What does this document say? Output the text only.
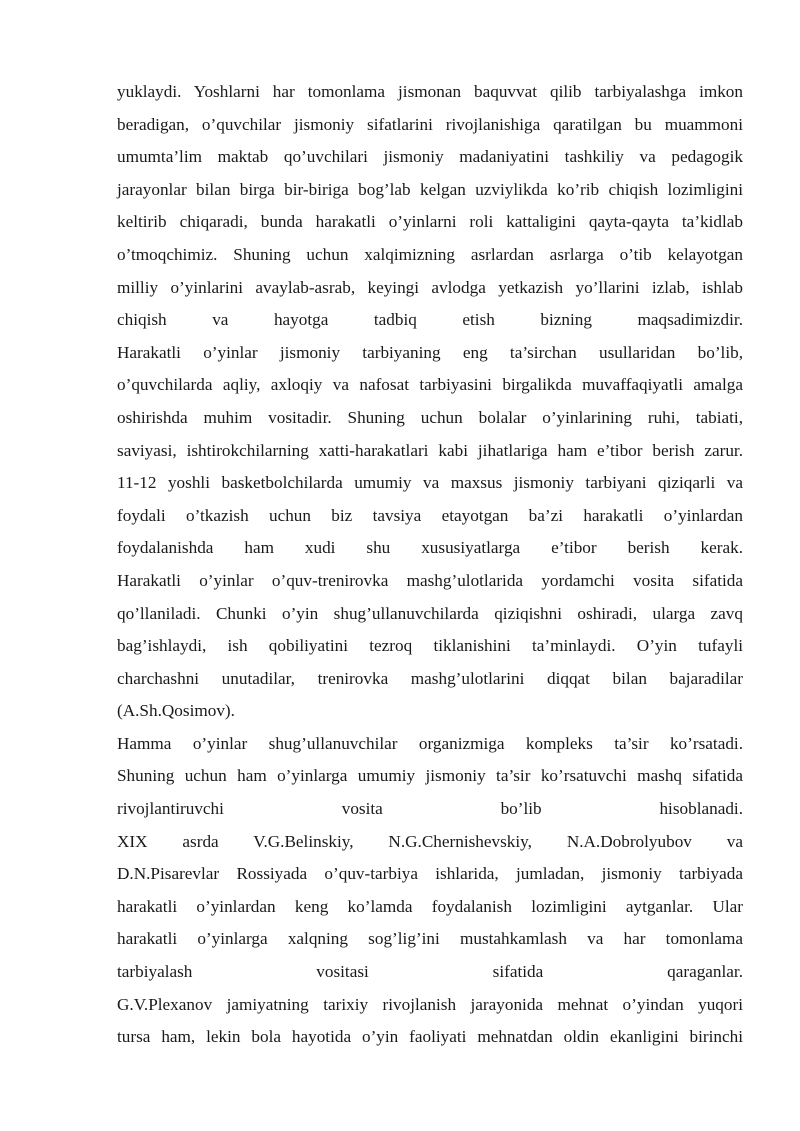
yuklaydi. Yoshlarni har tomonlama jismonan baquvvat qilib tarbiyalashga imkon
beradigan, o’quvchilar jismoniy sifatlarini rivojlanishiga qaratilgan bu muammoni
umumta’lim maktab qo’uvchilari jismoniy madaniyatini tashkiliy va pedagogik
jarayonlar bilan birga bir-biriga bog’lab kelgan uzviylikda ko’rib chiqish lozimligini
keltirib chiqaradi, bunda harakatli o’yinlarni roli kattaligini qayta-qayta ta’kidlab
o’tmoqchimiz. Shuning uchun xalqimizning asrlardan asrlarga o’tib kelayotgan
milliy o’yinlarini avaylab-asrab, keyingi avlodga yetkazish yo’llarini izlab, ishlab
chiqish va hayotga tadbiq etish bizning maqsadimizdir.
Harakatli o’yinlar jismoniy tarbiyaning eng ta’sirchan usullaridan bo’lib,
o’quvchilarda aqliy, axloqiy va nafosat tarbiyasini birgalikda muvaffaqiyatli amalga
oshirishda muhim vositadir. Shuning uchun bolalar o’yinlarining ruhi, tabiati,
saviyasi, ishtirokchilarning xatti-harakatlari kabi jihatlariga ham e’tibor berish zarur.
11-12 yoshli basketbolchilarda umumiy va maxsus jismoniy tarbiyani qiziqarli va
foydali o’tkazish uchun biz tavsiya etayotgan ba’zi harakatli o’yinlardan
foydalanishda ham xudi shu xususiyatlarga e’tibor berish kerak.
Harakatli o’yinlar o’quv-trenirovka mashg’ulotlarida yordamchi vosita sifatida
qo’llaniladi. Chunki o’yin shug’ullanuvchilarda qiziqishni oshiradi, ularga zavq
bag’ishlaydi, ish qobiliyatini tezroq tiklanishini ta’minlaydi. O’yin tufayli
charchashni unutadilar, trenirovka mashg’ulotlarini diqqat bilan bajaradilar
(A.Sh.Qosimov).
Hamma o’yinlar shug’ullanuvchilar organizmiga kompleks ta’sir ko’rsatadi.
Shuning uchun ham o’yinlarga umumiy jismoniy ta’sir ko’rsatuvchi mashq sifatida
rivojlantiruvchi vosita bo’lib hisoblanadi.
XIX asrda V.G.Belinskiy, N.G.Chernishevskiy, N.A.Dobrolyubov va
D.N.Pisarevlar Rossiyada o’quv-tarbiya ishlarida, jumladan, jismoniy tarbiyada
harakatli o’yinlardan keng ko’lamda foydalanish lozimligini aytganlar. Ular
harakatli o’yinlarga xalqning sog’lig’ini mustahkamlash va har tomonlama
tarbiyalash vositasi sifatida qaraganlar.
G.V.Plexanov jamiyatning tarixiy rivojlanish jarayonida mehnat o’yindan yuqori
tursa ham, lekin bola hayotida o’yin faoliyati mehnatdan oldin ekanligini birinchi
